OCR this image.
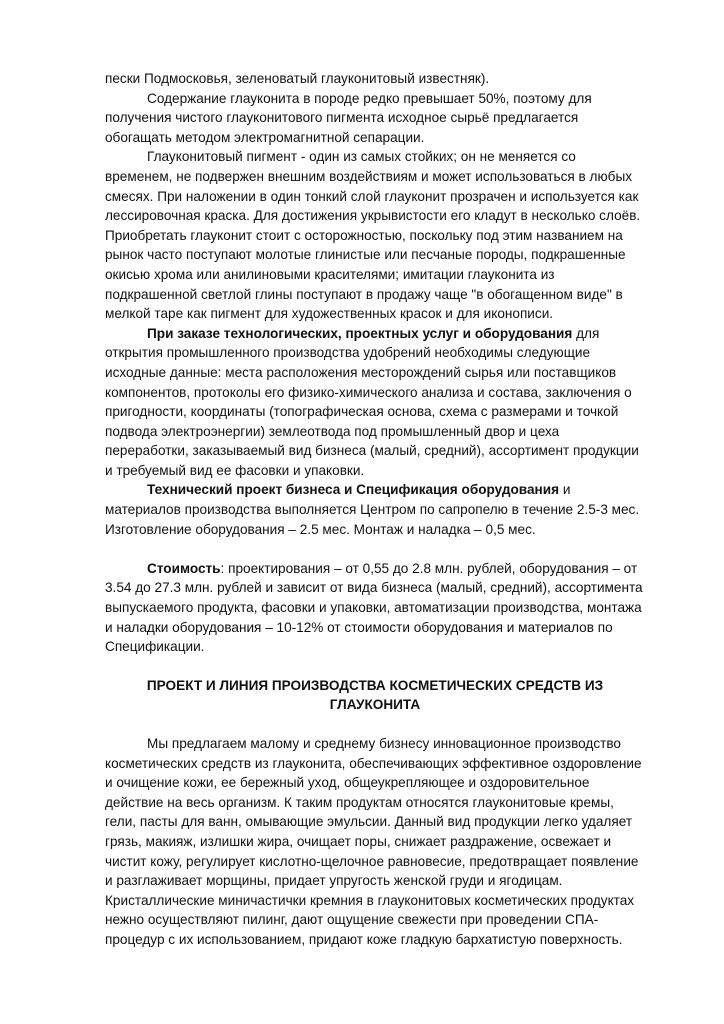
пески Подмосковья, зеленоватый глауконитовый известняк).

Содержание глауконита в породе редко превышает 50%, поэтому для получения чистого глауконитового пигмента исходное сырьё предлагается обогащать методом электромагнитной сепарации.

Глауконитовый пигмент - один из самых стойких; он не меняется со временем, не подвержен внешним воздействиям и может использоваться в любых смесях. При наложении в один тонкий слой глауконит прозрачен и используется как лессировочная краска. Для достижения укрывистости его кладут в несколько слоёв. Приобретать глауконит стоит с осторожностью, поскольку под этим названием на рынок часто поступают молотые глинистые или песчаные породы, подкрашенные окисью хрома или анилиновыми красителями; имитации глауконита из подкрашенной светлой глины поступают в продажу чаще "в обогащенном виде" в мелкой таре как пигмент для художественных красок и для иконописи.

При заказе технологических, проектных услуг и оборудования для открытия промышленного производства удобрений необходимы следующие исходные данные: места расположения месторождений сырья или поставщиков компонентов, протоколы его физико-химического анализа и состава, заключения о пригодности, координаты (топографическая основа, схема с размерами и точкой подвода электроэнергии) землеотвода под промышленный двор и цеха переработки, заказываемый вид бизнеса (малый, средний), ассортимент продукции и требуемый вид ее фасовки и упаковки.

Технический проект бизнеса и Спецификация оборудования и материалов производства выполняется Центром по сапропелю в течение 2.5-3 мес. Изготовление оборудования – 2.5 мес. Монтаж и наладка – 0,5 мес.

Стоимость: проектирования – от 0,55 до 2.8 млн. рублей, оборудования – от 3.54 до 27.3 млн. рублей и зависит от вида бизнеса (малый, средний), ассортимента выпускаемого продукта, фасовки и упаковки, автоматизации производства, монтажа и наладки оборудования – 10-12% от стоимости оборудования и материалов по Спецификации.

ПРОЕКТ И ЛИНИЯ ПРОИЗВОДСТВА КОСМЕТИЧЕСКИХ СРЕДСТВ ИЗ ГЛАУКОНИТА

Мы предлагаем малому и среднему бизнесу инновационное производство косметических средств из глауконита, обеспечивающих эффективное оздоровление и очищение кожи, ее бережный уход, общеукрепляющее и оздоровительное действие на весь организм. К таким продуктам относятся глауконитовые кремы, гели, пасты для ванн, омывающие эмульсии. Данный вид продукции легко удаляет грязь, макияж, излишки жира, очищает поры, снижает раздражение, освежает и чистит кожу, регулирует кислотно-щелочное равновесие, предотвращает появление и разглаживает морщины, придает упругость женской груди и ягодицам. Кристаллические миничастички кремния в глауконитовых косметических продуктах нежно осуществляют пилинг, дают ощущение свежести при проведении СПА-процедур с их использованием, придают коже гладкую бархатистую поверхность.
